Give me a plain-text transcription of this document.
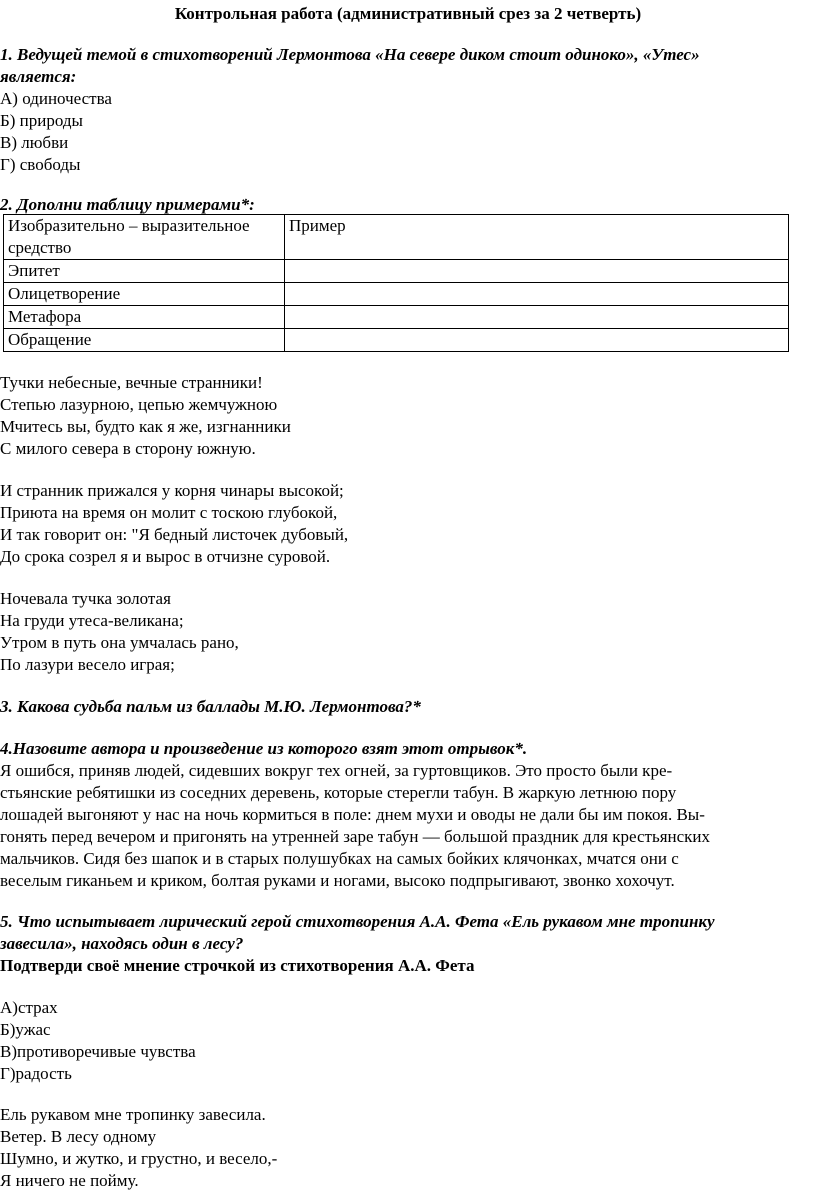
Контрольная работа (административный срез за 2 четверть)
1. Ведущей темой в стихотворений Лермонтова «На севере диком стоит одиноко», «Утес»
является:
А) одиночества
Б) природы
В) любви
Г) свободы
2. Дополни таблицу примерами*:
Изобразительно – выразительное
средство	Пример
Эпитет	
Олицетворение	
Метафора	
Обращение	
Тучки небесные, вечные странники!
Степью лазурною, цепью жемчужною
Мчитесь вы, будто как я же, изгнанники
С милого севера в сторону южную.
И странник прижался у корня чинары высокой;
Приюта на время он молит с тоскою глубокой,
И так говорит он: "Я бедный листочек дубовый,
До срока созрел я и вырос в отчизне суровой.
Ночевала тучка золотая
На груди утеса-великана;
Утром в путь она умчалась рано,
По лазури весело играя;
3. Какова судьба пальм из баллады М.Ю. Лермонтова?*
4.Назовите автора и произведение из которого взят этот отрывок*.
Я ошибся, приняв людей, сидевших вокруг тех огней, за гуртовщиков. Это просто были кре-
стьянские ребятишки из соседних деревень, которые стерегли табун. В жаркую летнюю пору
лошадей выгоняют у нас на ночь кормиться в поле: днем мухи и оводы не дали бы им покоя. Вы-
гонять перед вечером и пригонять на утренней заре табун — большой праздник для крестьянских
мальчиков. Сидя без шапок и в старых полушубках на самых бойких клячонках, мчатся они с
веселым гиканьем и криком, болтая руками и ногами, высоко подпрыгивают, звонко хохочут.
5. Что испытывает лирический герой стихотворения А.А. Фета «Ель рукавом мне тропинку
завесила», находясь один в лесу?
Подтверди своё мнение строчкой из стихотворения А.А. Фета
А)страх
Б)ужас
В)противоречивые чувства
Г)радость
Ель рукавом мне тропинку завесила.
Ветер. В лесу одному
Шумно, и жутко, и грустно, и весело,-
Я ничего не пойму.
